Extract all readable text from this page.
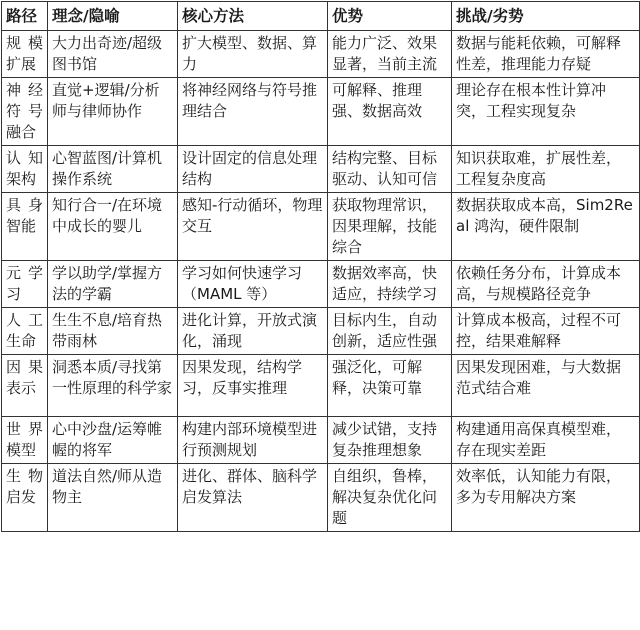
路径	理念/隐喻	核心方法	优势	挑战/劣势
规模扩展	大力出奇迹/超级图书馆	扩大模型、数据、算力	能力广泛、效果显著，当前主流	数据与能耗依赖，可解释性差，推理能力存疑
神经符号融合	直觉+逻辑/分析师与律师协作	将神经网络与符号推理结合	可解释、推理强、数据高效	理论存在根本性计算冲突，工程实现复杂
认知架构	心智蓝图/计算机操作系统	设计固定的信息处理结构	结构完整、目标驱动、认知可信	知识获取难，扩展性差，工程复杂度高
具身智能	知行合一/在环境中成长的婴儿	感知-行动循环，物理交互	获取物理常识，因果理解，技能综合	数据获取成本高，Sim2Real 鸿沟，硬件限制
元学习	学以助学/掌握方法的学霸	学习如何快速学习（MAML 等）	数据效率高，快适应，持续学习	依赖任务分布，计算成本高，与规模路径竞争
人工生命	生生不息/培育热带雨林	进化计算，开放式演化，涌现	目标内生，自动创新，适应性强	计算成本极高，过程不可控，结果难解释
因果表示	洞悉本质/寻找第一性原理的科学家	因果发现，结构学习，反事实推理	强泛化，可解释，决策可靠	因果发现困难，与大数据范式结合难
世界模型	心中沙盘/运筹帷幄的将军	构建内部环境模型进行预测规划	减少试错，支持复杂推理想象	构建通用高保真模型难，存在现实差距
生物启发	道法自然/师从造物主	进化、群体、脑科学启发算法	自组织，鲁棒，解决复杂优化问题	效率低，认知能力有限，多为专用解决方案
